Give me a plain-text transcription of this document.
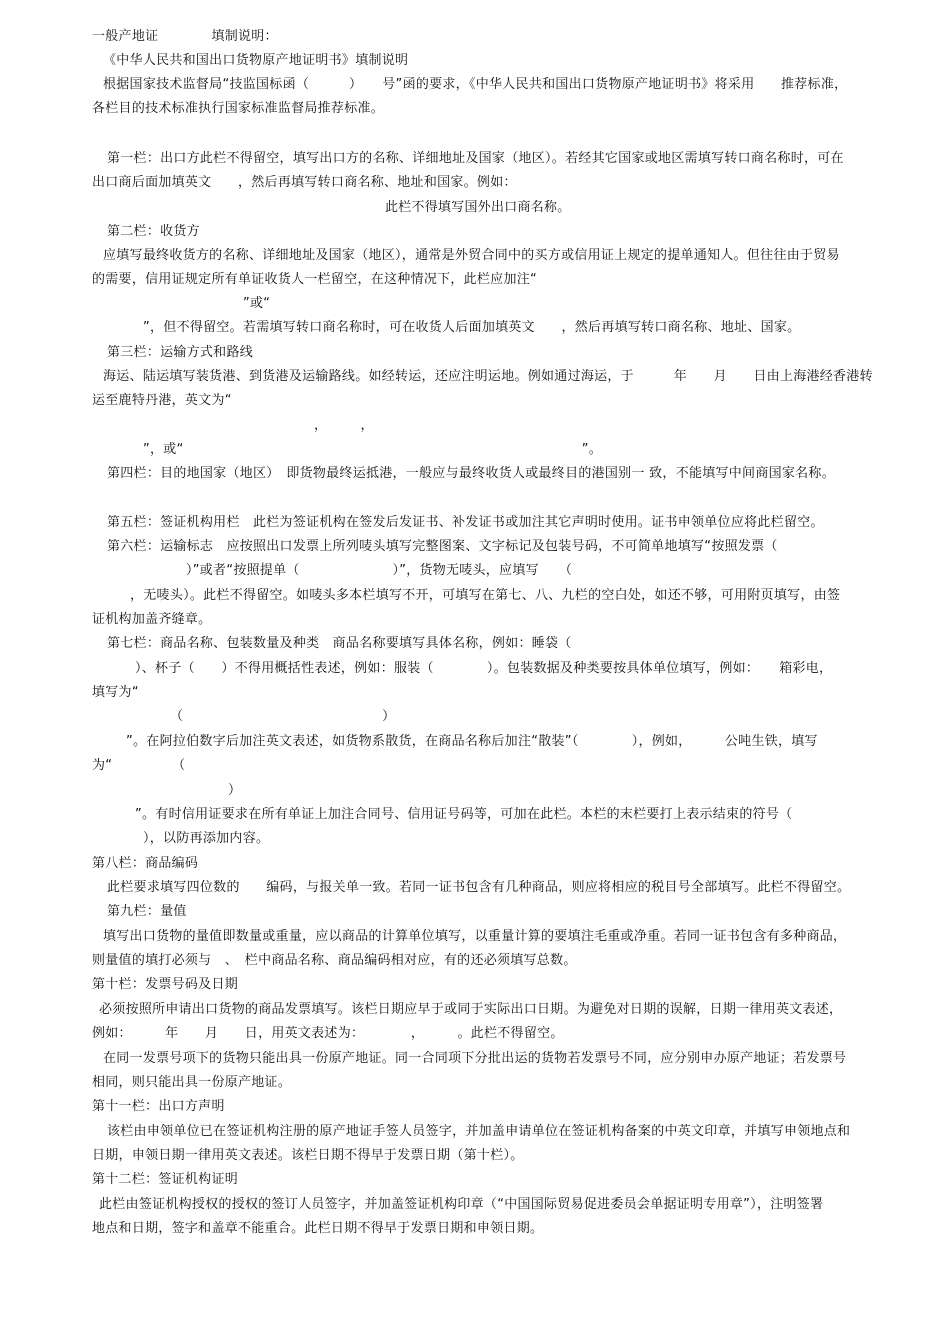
一般产地证　　　　填制说明：
《中华人民共和国出口货物原产地证明书》填制说明
根据国家技术监督局“技监国标函（　　　）　　号”函的要求，《中华人民共和国出口货物原产地证明书》将采用　　推荐标准，
各栏目的技术标准执行国家标准监督局推荐标准。
第一栏：出口方此栏不得留空，填写出口方的名称、详细地址及国家（地区）。若经其它国家或地区需填写转口商名称时，可在
出口商后面加填英文　　，然后再填写转口商名称、地址和国家。例如：
此栏不得填写国外出口商名称。
第二栏：收货方
应填写最终收货方的名称、详细地址及国家（地区），通常是外贸合同中的买方或信用证上规定的提单通知人。但往往由于贸易
的需要，信用证规定所有单证收货人一栏留空，在这种情况下，此栏应加注“
”或“
”，但不得留空。若需填写转口商名称时，可在收货人后面加填英文　　，然后再填写转口商名称、地址、国家。
第三栏：运输方式和路线
海运、陆运填写装货港、到货港及运输路线。如经转运，还应注明运地。例如通过海运，于　　　年　　月　　日由上海港经香港转
运至鹿特丹港，英文为“
，　　　，
”，或“　　　　　　　　　　　　　　　　　　　　　　　　　　　　　　”。
第四栏：目的地国家（地区）　即货物最终运抵港，一般应与最终收货人或最终目的港国别一 致，不能填写中间商国家名称。
第五栏：签证机构用栏　此栏为签证机构在签发后发证书、补发证书或加注其它声明时使用。证书申领单位应将此栏留空。
第六栏：运输标志　应按照出口发票上所列唛头填写完整图案、文字标记及包装号码，不可简单地填写“按照发票（
）”或者“按照提单（　　　　　　　）”，货物无唛头，应填写　　（
，无唛头）。此栏不得留空。如唛头多本栏填写不开，可填写在第七、八、九栏的空白处，如还不够，可用附页填写，由签
证机构加盖齐缝章。
第七栏：商品名称、包装数量及种类　商品名称要填写具体名称，例如：睡袋（
）、杯子（　　）不得用概括性表述，例如：服装（　　　　）。包装数据及种类要按具体单位填写，例如：　　箱彩电，
填写为“
（　　　　　　　　　　　　　　　）
”。在阿拉伯数字后加注英文表述，如货物系散货，在商品名称后加注“散装”（　　　　），例如，　　　公吨生铁，填写
为“　　　　　（
）
”。有时信用证要求在所有单证上加注合同号、信用证号码等，可加在此栏。本栏的末栏要打上表示结束的符号（
），以防再添加内容。
第八栏：商品编码
此栏要求填写四位数的　　编码，与报关单一致。若同一证书包含有几种商品，则应将相应的税目号全部填写。此栏不得留空。
第九栏：量值
填写出口货物的量值即数量或重量，应以商品的计算单位填写，以重量计算的要填注毛重或净重。若同一证书包含有多种商品，
则量值的填打必须与　、　栏中商品名称、商品编码相对应，有的还必须填写总数。
第十栏：发票号码及日期
必须按照所申请出口货物的商品发票填写。该栏日期应早于或同于实际出口日期。为避免对日期的误解，日期一律用英文表述，
例如：　　　年　　月　　日，用英文表述为：　　　　，　　　。此栏不得留空。
在同一发票号项下的货物只能出具一份原产地证。同一合同项下分批出运的货物若发票号不同，应分别申办原产地证；若发票号
相同，则只能出具一份原产地证。
第十一栏：出口方声明
该栏由申领单位已在签证机构注册的原产地证手签人员签字，并加盖申请单位在签证机构备案的中英文印章，并填写申领地点和
日期，申领日期一律用英文表述。该栏日期不得早于发票日期（第十栏）。
第十二栏：签证机构证明
此栏由签证机构授权的授权的签订人员签字，并加盖签证机构印章（“中国国际贸易促进委员会单据证明专用章”），注明签署
地点和日期，签字和盖章不能重合。此栏日期不得早于发票日期和申领日期。
